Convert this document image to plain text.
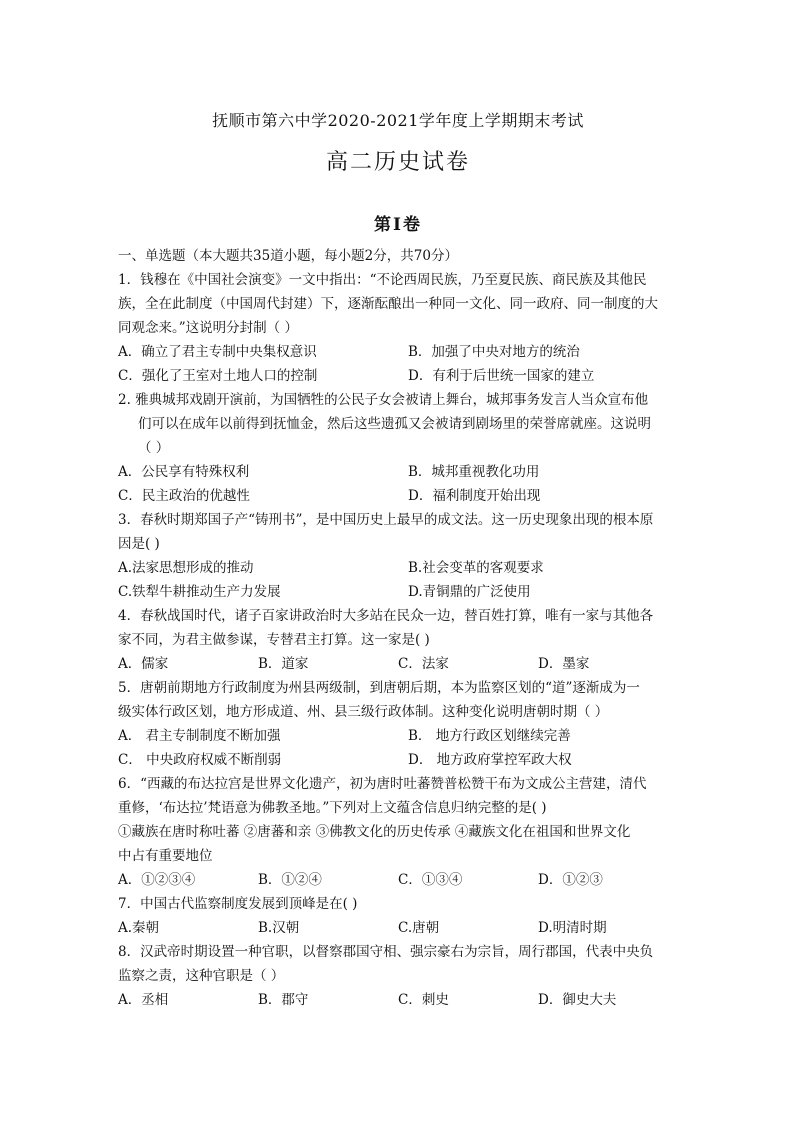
抚顺市第六中学2020-2021学年度上学期期末考试
高二历史试卷
第Ⅰ卷
一、单选题（本大题共35道小题，每小题2分，共70分）
1．钱穆在《中国社会演变》一文中指出：“不论西周民族，乃至夏民族、商民族及其他民
族，全在此制度（中国周代封建）下，逐渐酝酿出一种同一文化、同一政府、同一制度的大
同观念来。”这说明分封制（ ）
A．确立了君主专制中央集权意识	B．加强了中央对地方的统治
C．强化了王室对土地人口的控制	D．有利于后世统一国家的建立
2. 雅典城邦戏剧开演前，为国牺牲的公民子女会被请上舞台，城邦事务发言人当众宣布他
们可以在成年以前得到抚恤金，然后这些遗孤又会被请到剧场里的荣誉席就座。这说明
（ ）
A．公民享有特殊权利	B．城邦重视教化功用
C．民主政治的优越性	D．福利制度开始出现
3．春秋时期郑国子产“铸刑书”，是中国历史上最早的成文法。这一历史现象出现的根本原
因是( )
A.法家思想形成的推动	B.社会变革的客观要求
C.铁犁牛耕推动生产力发展	D.青铜鼎的广泛使用
4．春秋战国时代，诸子百家讲政治时大多站在民众一边，替百姓打算，唯有一家与其他各
家不同，为君主做参谋，专替君主打算。这一家是( )
A．儒家	B．道家	C．法家	D．墨家
5．唐朝前期地方行政制度为州县两级制，到唐朝后期，本为监察区划的“道”逐渐成为一
级实体行政区划，地方形成道、州、县三级行政体制。这种变化说明唐朝时期（ ）
A． 君主专制制度不断加强	B． 地方行政区划继续完善
C． 中央政府权威不断削弱	D． 地方政府掌控军政大权
6．“西藏的布达拉宫是世界文化遗产，初为唐时吐蕃赞普松赞干布为文成公主营建，清代
重修，‘布达拉’梵语意为佛教圣地。”下列对上文蕴含信息归纳完整的是( )
①藏族在唐时称吐蕃 ②唐蕃和亲 ③佛教文化的历史传承 ④藏族文化在祖国和世界文化
中占有重要地位
A．①②③④	B．①②④	C．①③④	D．①②③
7．中国古代监察制度发展到顶峰是在( )
A.秦朝	B.汉朝	C.唐朝	D.明清时期
8．汉武帝时期设置一种官职，以督察郡国守相、强宗豪右为宗旨，周行郡国，代表中央负
监察之责，这种官职是（ ）
A．丞相	B．郡守	C．刺史	D．御史大夫
